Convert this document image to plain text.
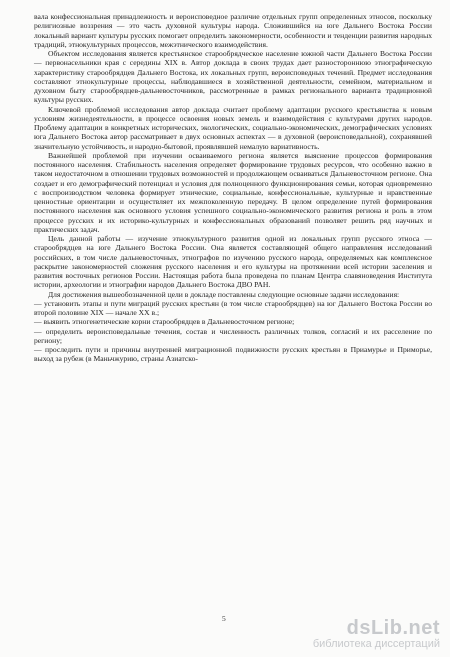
вала конфессиональная принадлежность и вероисповедное различие отдельных групп определенных этносов, поскольку религиозные воззрения — это часть духовной культуры народа. Сложившийся на юге Дальнего Востока России локальный вариант культуры русских помогает определить закономерности, особенности и тенденции развития народных традиций, этнокультурных процессов, межэтнического взаимодействия.

Объектом исследования является крестьянское старообрядческое население южной части Дальнего Востока России — первонасельники края с середины XIX в. Автор доклада в своих трудах дает разностороннюю этнографическую характеристику старообрядцев Дальнего Востока, их локальных групп, вероисповедных течений. Предмет исследования составляют этнокультурные процессы, наблюдавшиеся в хозяйственной деятельности, семейном, материальном и духовном быту старообрядцев-дальневосточников, рассмотренные в рамках регионального варианта традиционной культуры русских.

Ключевой проблемой исследования автор доклада считает проблему адаптации русского крестьянства к новым условиям жизнедеятельности, в процессе освоения новых земель и взаимодействия с культурами других народов. Проблему адаптации в конкретных исторических, экологических, социально-экономических, демографических условиях юга Дальнего Востока автор рассматривает в двух основных аспектах — в духовной (вероисповедальной), сохранявшей значительную устойчивость, и народно-бытовой, проявлявшей немалую вариативность.

Важнейшей проблемой при изучении осваиваемого региона является выяснение процессов формирования постоянного населения. Стабильность населения определяет формирование трудовых ресурсов, что особенно важно в таком недостаточном в отношении трудовых возможностей и продолжающем осваиваться Дальневосточном регионе. Она создает и его демографический потенциал и условия для полноценного функционирования семьи, которая одновременно с воспроизводством человека формирует этнические, социальные, конфессиональные, культурные и нравственные ценностные ориентации и осуществляет их межпоколенную передачу. В целом определение путей формирования постоянного населения как основного условия успешного социально-экономического развития региона и роль в этом процессе русских и их историко-культурных и конфессиональных образований позволяет решить ряд научных и практических задач.

Цель данной работы — изучение этнокультурного развития одной из локальных групп русского этноса — старообрядцев на юге Дальнего Востока России. Она является составляющей общего направления исследований российских, в том числе дальневосточных, этнографов по изучению русского народа, определяемых как комплексное раскрытие закономерностей сложения русского населения и его культуры на протяжении всей истории заселения и развития восточных регионов России. Настоящая работа была проведена по планам Центра славяноведения Института истории, археологии и этнографии народов Дальнего Востока ДВО РАН.

Для достижения вышеобозначенной цели в докладе поставлены следующие основные задачи исследования:

— установить этапы и пути миграций русских крестьян (в том числе старообрядцев) на юг Дальнего Востока России во второй половине XIX — начале XX в.;

— выявить этногенетические корни старообрядцев в Дальневосточном регионе;

— определить вероисповедальные течения, состав и численность различных толков, согласий и их расселение по региону;

— проследить пути и причины внутренней миграционной подвижности русских крестьян в Приамурье и Приморье, выход за рубеж (в Маньчжурию, страны Азиатско-

5	dsLib.net
библиотека диссертаций
